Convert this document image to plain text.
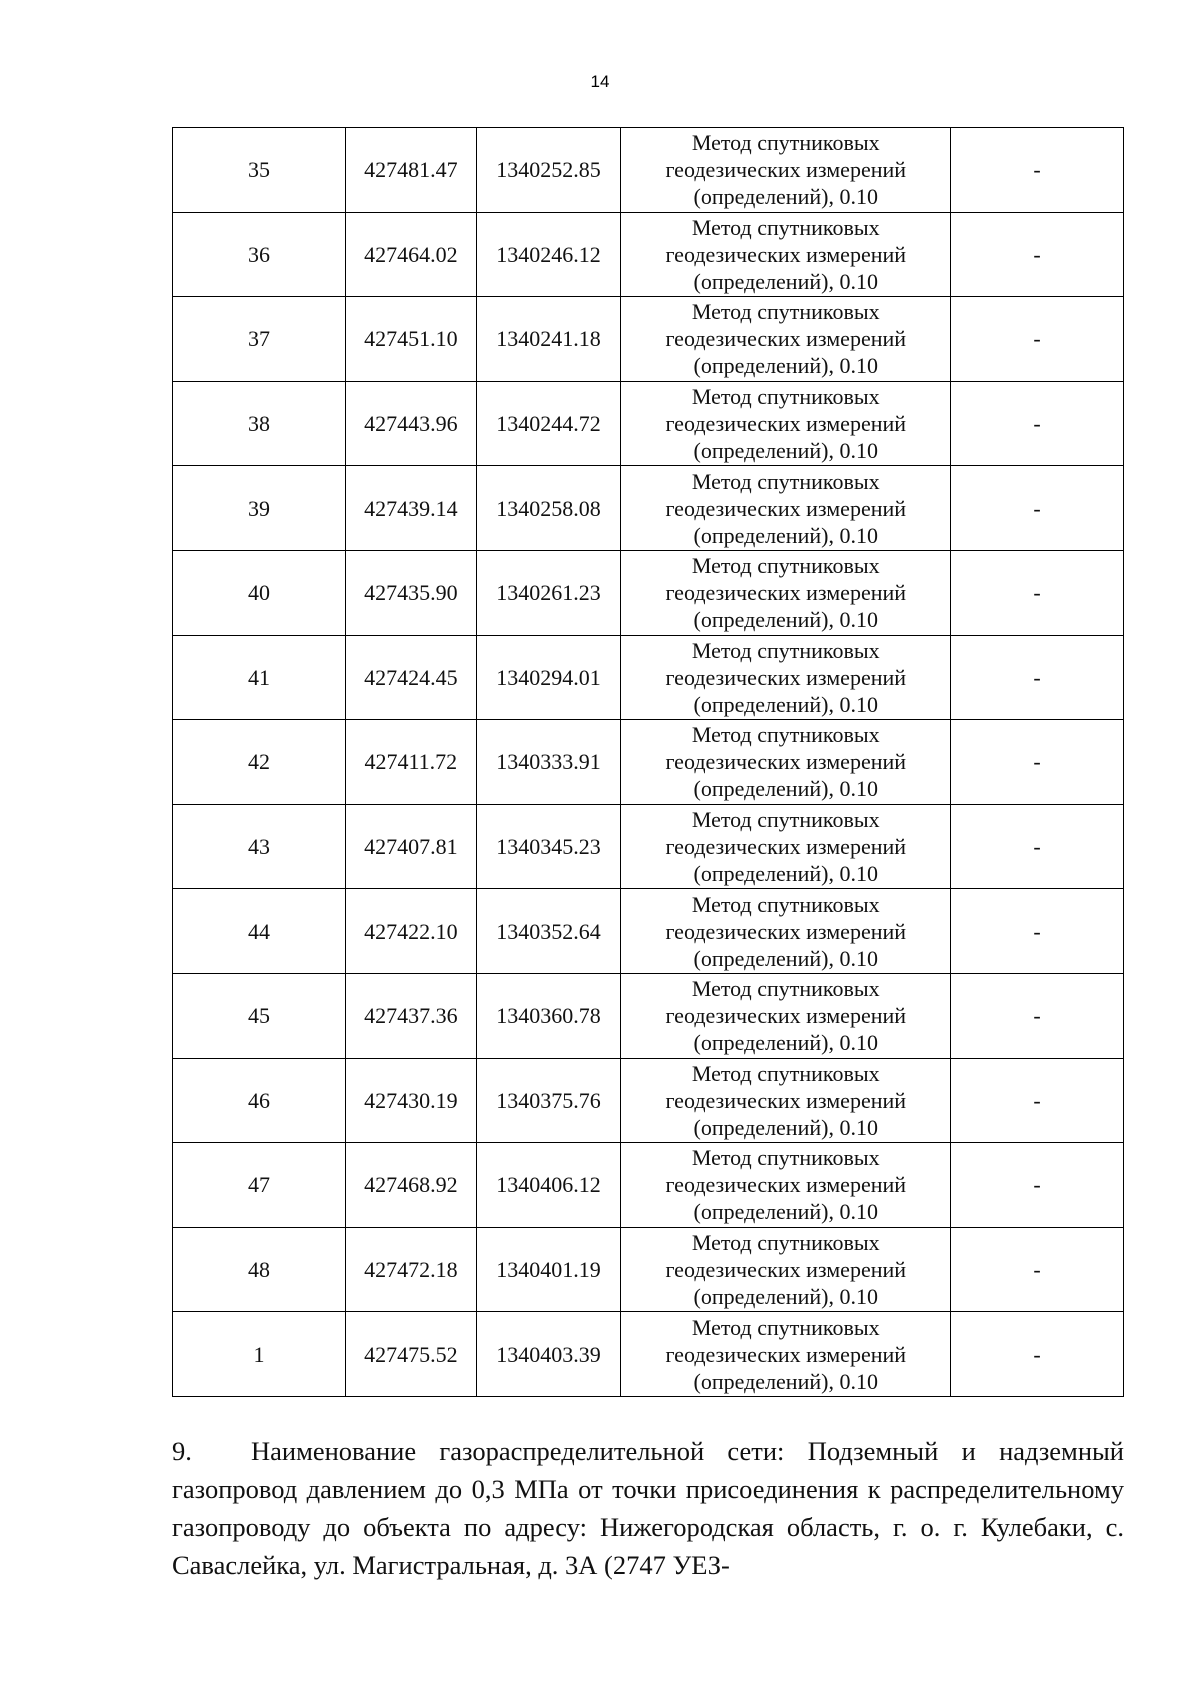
14
35	427481.47	1340252.85	Метод спутниковых
геодезических измерений
(определений), 0.10	-
36	427464.02	1340246.12	Метод спутниковых
геодезических измерений
(определений), 0.10	-
37	427451.10	1340241.18	Метод спутниковых
геодезических измерений
(определений), 0.10	-
38	427443.96	1340244.72	Метод спутниковых
геодезических измерений
(определений), 0.10	-
39	427439.14	1340258.08	Метод спутниковых
геодезических измерений
(определений), 0.10	-
40	427435.90	1340261.23	Метод спутниковых
геодезических измерений
(определений), 0.10	-
41	427424.45	1340294.01	Метод спутниковых
геодезических измерений
(определений), 0.10	-
42	427411.72	1340333.91	Метод спутниковых
геодезических измерений
(определений), 0.10	-
43	427407.81	1340345.23	Метод спутниковых
геодезических измерений
(определений), 0.10	-
44	427422.10	1340352.64	Метод спутниковых
геодезических измерений
(определений), 0.10	-
45	427437.36	1340360.78	Метод спутниковых
геодезических измерений
(определений), 0.10	-
46	427430.19	1340375.76	Метод спутниковых
геодезических измерений
(определений), 0.10	-
47	427468.92	1340406.12	Метод спутниковых
геодезических измерений
(определений), 0.10	-
48	427472.18	1340401.19	Метод спутниковых
геодезических измерений
(определений), 0.10	-
1	427475.52	1340403.39	Метод спутниковых
геодезических измерений
(определений), 0.10	-

9. Наименование газораспределительной сети: Подземный и надземный газопровод давлением до 0,3 МПа от точки присоединения к распределительному газопроводу до объекта по адресу: Нижегородская область, г. о. г. Кулебаки, с. Саваслейка, ул. Магистральная, д. 3А (2747 УЕЗ-
